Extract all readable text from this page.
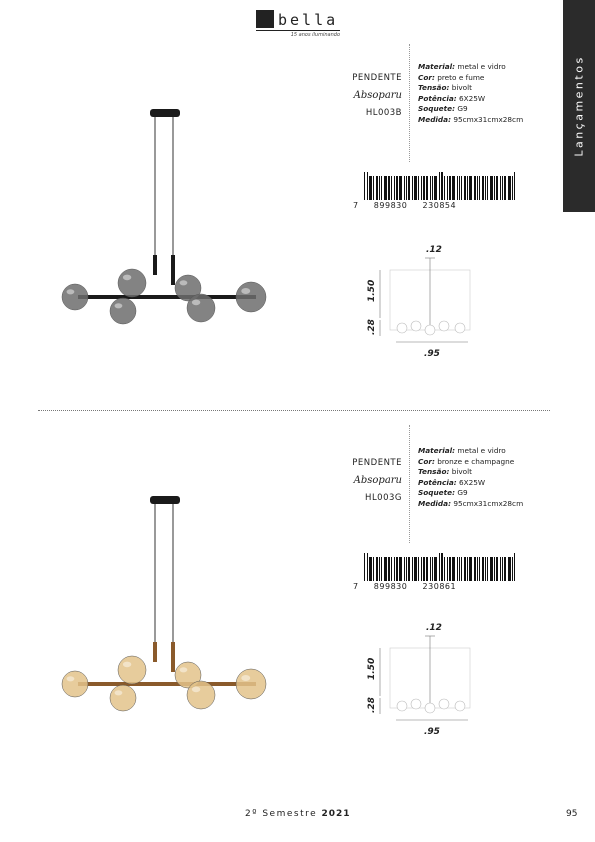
bella
15 anos iluminando
Lançamentos
PENDENTE
Absoparu
HL003B
Material: metal e vidro
Cor: preto e fume
Tensão: bivolt
Potência: 6X25W
Soquete: G9
Medida: 95cmx31cmx28cm
7     899830     230854
.12
1.50
.28
.95
PENDENTE
Absoparu
HL003G
Material: metal e vidro
Cor: bronze e champagne
Tensão: bivolt
Potência: 6X25W
Soquete: G9
Medida: 95cmx31cmx28cm
7     899830     230861
.12
1.50
.28
.95
2º Semestre 2021	95
